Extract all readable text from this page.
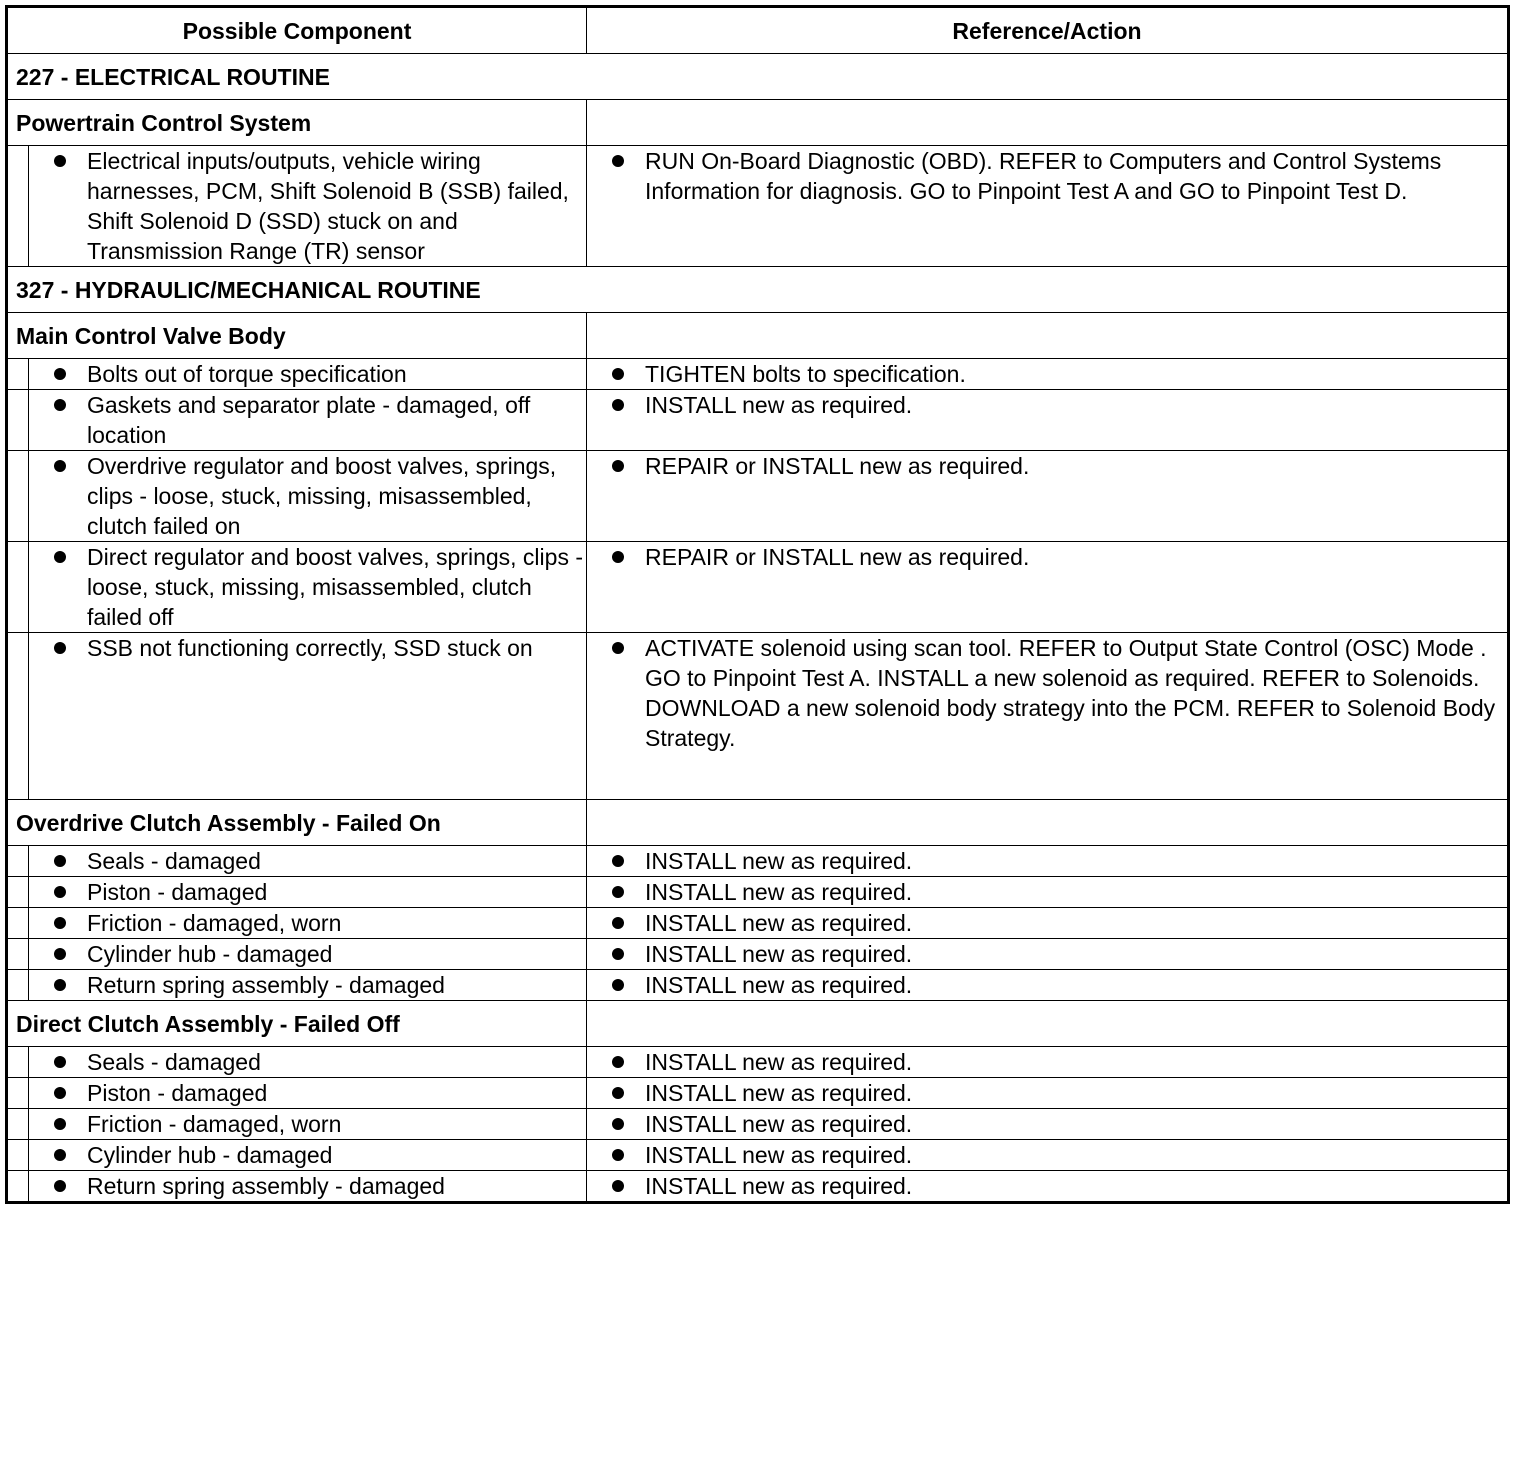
Possible Component		Reference/Action
227 - ELECTRICAL ROUTINE		
Powertrain Control System		

	Electrical inputs/outputs, vehicle wiring harnesses, PCM, Shift Solenoid B (SSB) failed, Shift Solenoid D (SSD) stuck on and Transmission Range (TR) sensor	RUN On-Board Diagnostic (OBD). REFER to Computers and Control Systems Information for diagnosis. GO to Pinpoint Test A and GO to Pinpoint Test D.

327 - HYDRAULIC/MECHANICAL ROUTINE		
Main Control Valve Body		

	Bolts out of torque specification	TIGHTEN bolts to specification.

	Gaskets and separator plate - damaged, off location	INSTALL new as required.

	Overdrive regulator and boost valves, springs, clips - loose, stuck, missing, misassembled, clutch failed on	REPAIR or INSTALL new as required.

	Direct regulator and boost valves, springs, clips - loose, stuck, missing, misassembled, clutch failed off	REPAIR or INSTALL new as required.

	SSB not functioning correctly, SSD stuck on	ACTIVATE solenoid using scan tool. REFER to Output State Control (OSC) Mode . GO to Pinpoint Test A. INSTALL a new solenoid as required. REFER to Solenoids. DOWNLOAD a new solenoid body strategy into the PCM. REFER to Solenoid Body Strategy.

Overdrive Clutch Assembly - Failed On		

	Seals - damaged	INSTALL new as required.

	Piston - damaged	INSTALL new as required.

	Friction - damaged, worn	INSTALL new as required.

	Cylinder hub - damaged	INSTALL new as required.

	Return spring assembly - damaged	INSTALL new as required.

Direct Clutch Assembly - Failed Off		

	Seals - damaged	INSTALL new as required.

	Piston - damaged	INSTALL new as required.

	Friction - damaged, worn	INSTALL new as required.

	Cylinder hub - damaged	INSTALL new as required.

	Return spring assembly - damaged	INSTALL new as required.
